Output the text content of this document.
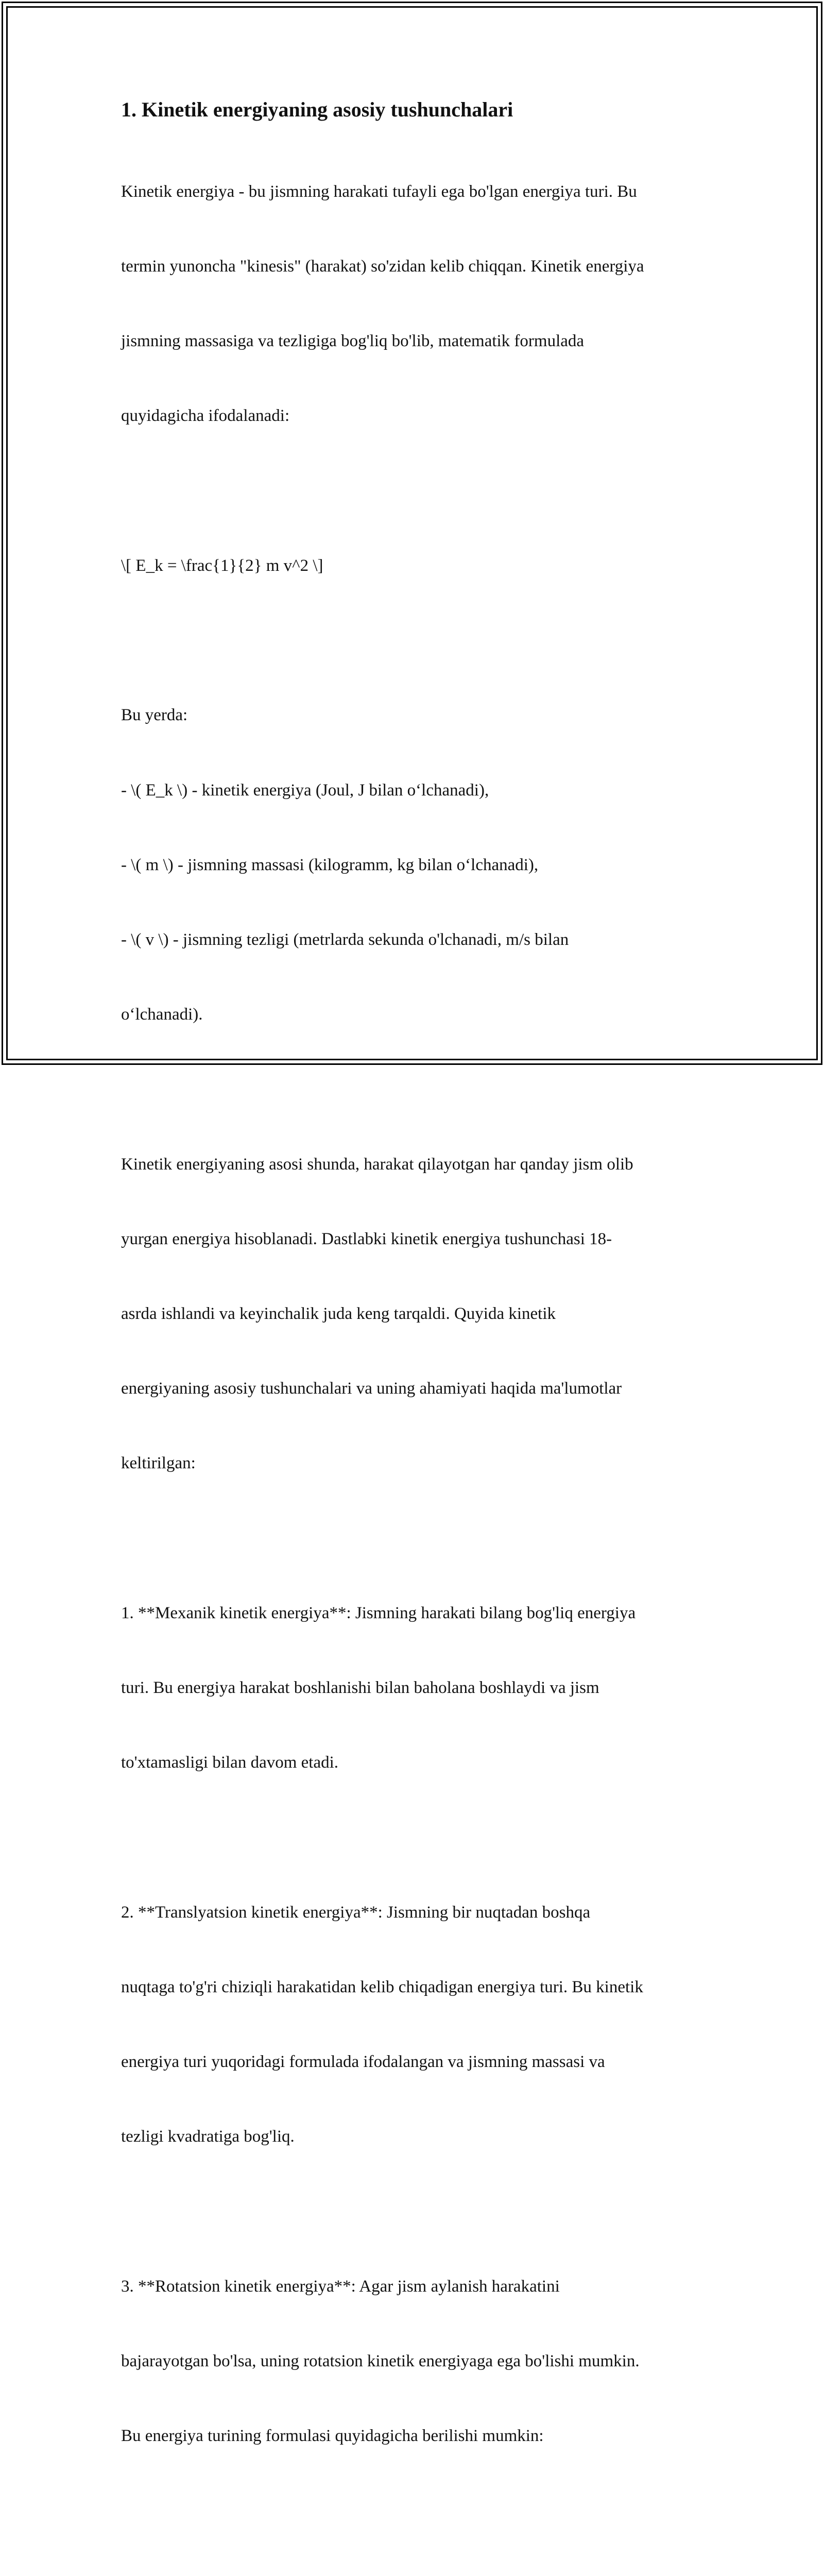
1. Kinetik energiyaning asosiy tushunchalari

Kinetik energiya - bu jismning harakati tufayli ega bo'lgan energiya turi. Bu

termin yunoncha "kinesis" (harakat) so'zidan kelib chiqqan. Kinetik energiya

jismning massasiga va tezligiga bog'liq bo'lib, matematik formulada

quyidagicha ifodalanadi:

\[ E_k = \frac{1}{2} m v^2 \]

Bu yerda:

- \( E_k \) - kinetik energiya (Joul, J bilan o‘lchanadi),

- \( m \) - jismning massasi (kilogramm, kg bilan o‘lchanadi),

- \( v \) - jismning tezligi (metrlarda sekunda o'lchanadi, m/s bilan

o‘lchanadi).

Kinetik energiyaning asosi shunda, harakat qilayotgan har qanday jism olib

yurgan energiya hisoblanadi. Dastlabki kinetik energiya tushunchasi 18-

asrda ishlandi va keyinchalik juda keng tarqaldi. Quyida kinetik

energiyaning asosiy tushunchalari va uning ahamiyati haqida ma'lumotlar

keltirilgan:

1. **Mexanik kinetik energiya**: Jismning harakati bilang bog'liq energiya

turi. Bu energiya harakat boshlanishi bilan baholana boshlaydi va jism

to'xtamasligi bilan davom etadi.

2. **Translyatsion kinetik energiya**: Jismning bir nuqtadan boshqa

nuqtaga to'g'ri chiziqli harakatidan kelib chiqadigan energiya turi. Bu kinetik

energiya turi yuqoridagi formulada ifodalangan va jismning massasi va

tezligi kvadratiga bog'liq.

3. **Rotatsion kinetik energiya**: Agar jism aylanish harakatini

bajarayotgan bo'lsa, uning rotatsion kinetik energiyaga ega bo'lishi mumkin.

Bu energiya turining formulasi quyidagicha berilishi mumkin:
